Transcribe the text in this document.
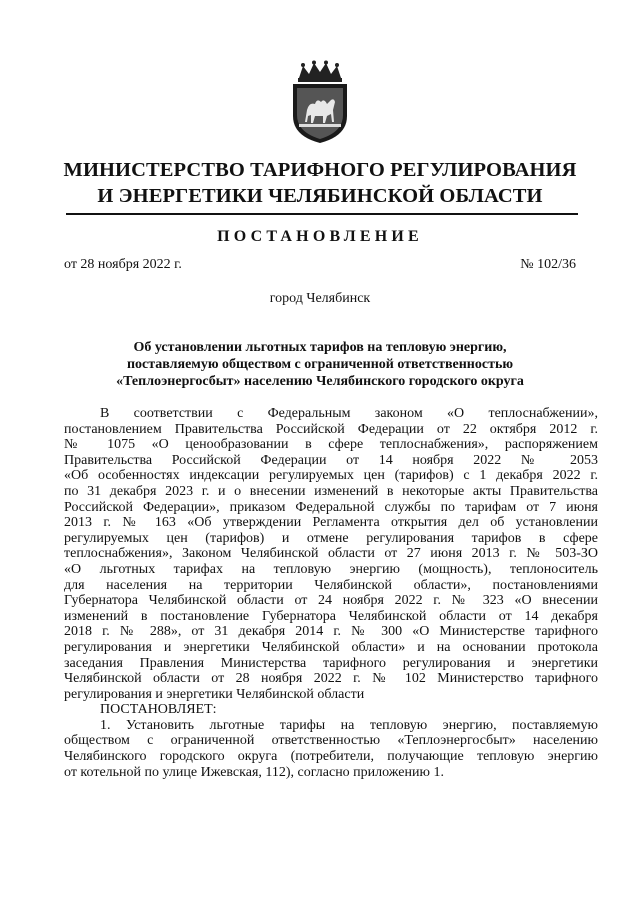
МИНИСТЕРСТВО ТАРИФНОГО РЕГУЛИРОВАНИЯ
И ЭНЕРГЕТИКИ ЧЕЛЯБИНСКОЙ ОБЛАСТИ
ПОСТАНОВЛЕНИЕ
от 28 ноября 2022 г.	№ 102/36
город Челябинск
Об установлении льготных тарифов на тепловую энергию,
поставляемую обществом с ограниченной ответственностью
«Теплоэнергосбыт» населению Челябинского городского округа
В соответствии с Федеральным законом «О теплоснабжении»,
постановлением Правительства Российской Федерации от 22 октября 2012 г.
№ 1075 «О ценообразовании в сфере теплоснабжения», распоряжением
Правительства Российской Федерации от 14 ноября 2022 № 2053
«Об особенностях индексации регулируемых цен (тарифов) с 1 декабря 2022 г.
по 31 декабря 2023 г. и о внесении изменений в некоторые акты Правительства
Российской Федерации», приказом Федеральной службы по тарифам от 7 июня
2013 г. № 163 «Об утверждении Регламента открытия дел об установлении
регулируемых цен (тарифов) и отмене регулирования тарифов в сфере
теплоснабжения», Законом Челябинской области от 27 июня 2013 г. № 503-ЗО
«О льготных тарифах на тепловую энергию (мощность), теплоноситель
для населения на территории Челябинской области», постановлениями
Губернатора Челябинской области от 24 ноября 2022 г. № 323 «О внесении
изменений в постановление Губернатора Челябинской области от 14 декабря
2018 г. № 288», от 31 декабря 2014 г. № 300 «О Министерстве тарифного
регулирования и энергетики Челябинской области» и на основании протокола
заседания Правления Министерства тарифного регулирования и энергетики
Челябинской области от 28 ноября 2022 г. № 102 Министерство тарифного
регулирования и энергетики Челябинской области
ПОСТАНОВЛЯЕТ:
1. Установить льготные тарифы на тепловую энергию, поставляемую
обществом с ограниченной ответственностью «Теплоэнергосбыт» населению
Челябинского городского округа (потребители, получающие тепловую энергию
от котельной по улице Ижевская, 112), согласно приложению 1.
